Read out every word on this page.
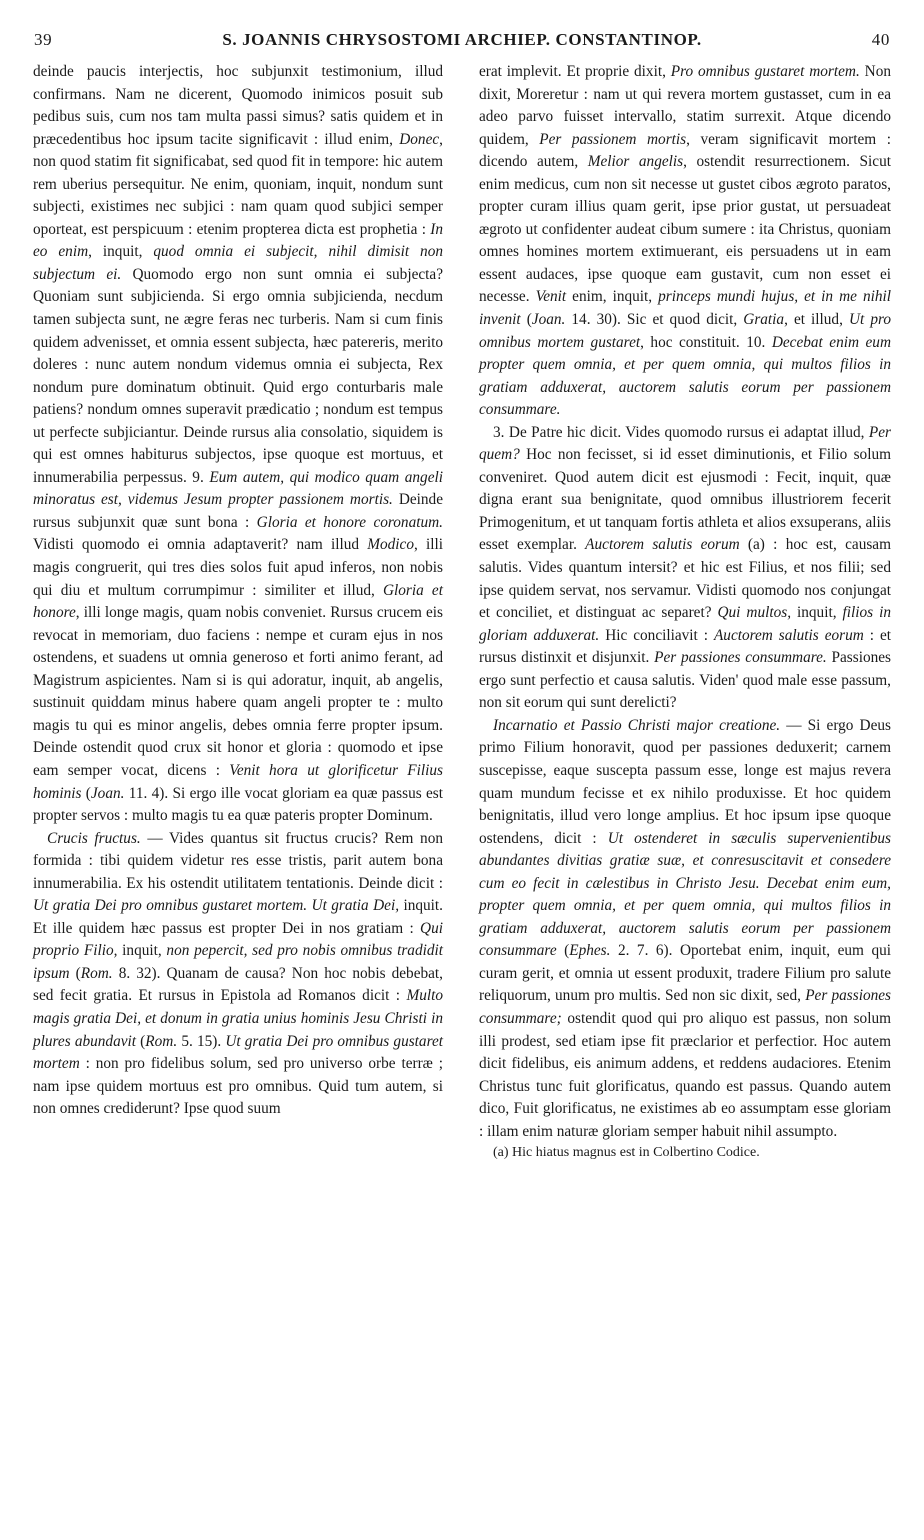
39	S. JOANNIS CHRYSOSTOMI ARCHIEP. CONSTANTINOP.	40

deinde paucis interjectis, hoc subjunxit testimonium, illud confirmans. Nam ne dicerent, Quomodo inimicos posuit sub pedibus suis, cum nos tam multa passi simus? satis quidem et in præcedentibus hoc ipsum tacite significavit : illud enim, Donec, non quod statim fit significabat, sed quod fit in tempore: hic autem rem uberius persequitur. Ne enim, quoniam, inquit, nondum sunt subjecti, existimes nec subjici : nam quam quod subjici semper oporteat, est perspicuum : etenim propterea dicta est prophetia : In eo enim, inquit, quod omnia ei subjecit, nihil dimisit non subjectum ei. Quomodo ergo non sunt omnia ei subjecta? Quoniam sunt subjicienda. Si ergo omnia subjicienda, necdum tamen subjecta sunt, ne ægre feras nec turberis. Nam si cum finis quidem advenisset, et omnia essent subjecta, hæc patereris, merito doleres : nunc autem nondum videmus omnia ei subjecta, Rex nondum pure dominatum obtinuit. Quid ergo conturbaris male patiens? nondum omnes superavit prædicatio ; nondum est tempus ut perfecte subjiciantur. Deinde rursus alia consolatio, siquidem is qui est omnes habiturus subjectos, ipse quoque est mortuus, et innumerabilia perpessus. 9. Eum autem, qui modico quam angeli minoratus est, videmus Jesum propter passionem mortis. Deinde rursus subjunxit quæ sunt bona : Gloria et honore coronatum. Vidisti quomodo ei omnia adaptaverit? nam illud Modico, illi magis congruerit, qui tres dies solos fuit apud inferos, non nobis qui diu et multum corrumpimur : similiter et illud, Gloria et honore, illi longe magis, quam nobis conveniet. Rursus crucem eis revocat in memoriam, duo faciens : nempe et curam ejus in nos ostendens, et suadens ut omnia generoso et forti animo ferant, ad Magistrum aspicientes. Nam si is qui adoratur, inquit, ab angelis, sustinuit quiddam minus habere quam angeli propter te : multo magis tu qui es minor angelis, debes omnia ferre propter ipsum. Deinde ostendit quod crux sit honor et gloria : quomodo et ipse eam semper vocat, dicens : Venit hora ut glorificetur Filius hominis (Joan. 11. 4). Si ergo ille vocat gloriam ea quæ passus est propter servos : multo magis tu ea quæ pateris propter Dominum.

Crucis fructus. — Vides quantus sit fructus crucis? Rem non formida : tibi quidem videtur res esse tristis, parit autem bona innumerabilia. Ex his ostendit utilitatem tentationis. Deinde dicit : Ut gratia Dei pro omnibus gustaret mortem. Ut gratia Dei, inquit. Et ille quidem hæc passus est propter Dei in nos gratiam : Qui proprio Filio, inquit, non pepercit, sed pro nobis omnibus tradidit ipsum (Rom. 8. 32). Quanam de causa? Non hoc nobis debebat, sed fecit gratia. Et rursus in Epistola ad Romanos dicit : Multo magis gratia Dei, et donum in gratia unius hominis Jesu Christi in plures abundavit (Rom. 5. 15). Ut gratia Dei pro omnibus gustaret mortem : non pro fidelibus solum, sed pro universo orbe terræ ; nam ipse quidem mortuus est pro omnibus. Quid tum autem, si non omnes crediderunt? Ipse quod suum

erat implevit. Et proprie dixit, Pro omnibus gustaret mortem. Non dixit, Moreretur : nam ut qui revera mortem gustasset, cum in ea adeo parvo fuisset intervallo, statim surrexit. Atque dicendo quidem, Per passionem mortis, veram significavit mortem : dicendo autem, Melior angelis, ostendit resurrectionem. Sicut enim medicus, cum non sit necesse ut gustet cibos ægroto paratos, propter curam illius quam gerit, ipse prior gustat, ut persuadeat ægroto ut confidenter audeat cibum sumere : ita Christus, quoniam omnes homines mortem extimuerant, eis persuadens ut in eam essent audaces, ipse quoque eam gustavit, cum non esset ei necesse. Venit enim, inquit, princeps mundi hujus, et in me nihil invenit (Joan. 14. 30). Sic et quod dicit, Gratia, et illud, Ut pro omnibus mortem gustaret, hoc constituit. 10. Decebat enim eum propter quem omnia, et per quem omnia, qui multos filios in gratiam adduxerat, auctorem salutis eorum per passionem consummare.

3. De Patre hic dicit. Vides quomodo rursus ei adaptat illud, Per quem? Hoc non fecisset, si id esset diminutionis, et Filio solum conveniret. Quod autem dicit est ejusmodi : Fecit, inquit, quæ digna erant sua benignitate, quod omnibus illustriorem fecerit Primogenitum, et ut tanquam fortis athleta et alios exsuperans, aliis esset exemplar. Auctorem salutis eorum (a) : hoc est, causam salutis. Vides quantum intersit? et hic est Filius, et nos filii; sed ipse quidem servat, nos servamur. Vidisti quomodo nos conjungat et conciliet, et distinguat ac separet? Qui multos, inquit, filios in gloriam adduxerat. Hic conciliavit : Auctorem salutis eorum : et rursus distinxit et disjunxit. Per passiones consummare. Passiones ergo sunt perfectio et causa salutis. Viden' quod male esse passum, non sit eorum qui sunt derelicti?

Incarnatio et Passio Christi major creatione. — Si ergo Deus primo Filium honoravit, quod per passiones deduxerit; carnem suscepisse, eaque suscepta passum esse, longe est majus revera quam mundum fecisse et ex nihilo produxisse. Et hoc quidem benignitatis, illud vero longe amplius. Et hoc ipsum ipse quoque ostendens, dicit : Ut ostenderet in sæculis supervenientibus abundantes divitias gratiæ suæ, et conresuscitavit et consedere cum eo fecit in cælestibus in Christo Jesu. Decebat enim eum, propter quem omnia, et per quem omnia, qui multos filios in gratiam adduxerat, auctorem salutis eorum per passionem consummare (Ephes. 2. 7. 6). Oportebat enim, inquit, eum qui curam gerit, et omnia ut essent produxit, tradere Filium pro salute reliquorum, unum pro multis. Sed non sic dixit, sed, Per passiones consummare; ostendit quod qui pro aliquo est passus, non solum illi prodest, sed etiam ipse fit præclarior et perfectior. Hoc autem dicit fidelibus, eis animum addens, et reddens audaciores. Etenim Christus tunc fuit glorificatus, quando est passus. Quando autem dico, Fuit glorificatus, ne existimes ab eo assumptam esse gloriam : illam enim naturæ gloriam semper habuit nihil assumpto.

(a) Hic hiatus magnus est in Colbertino Codice.
